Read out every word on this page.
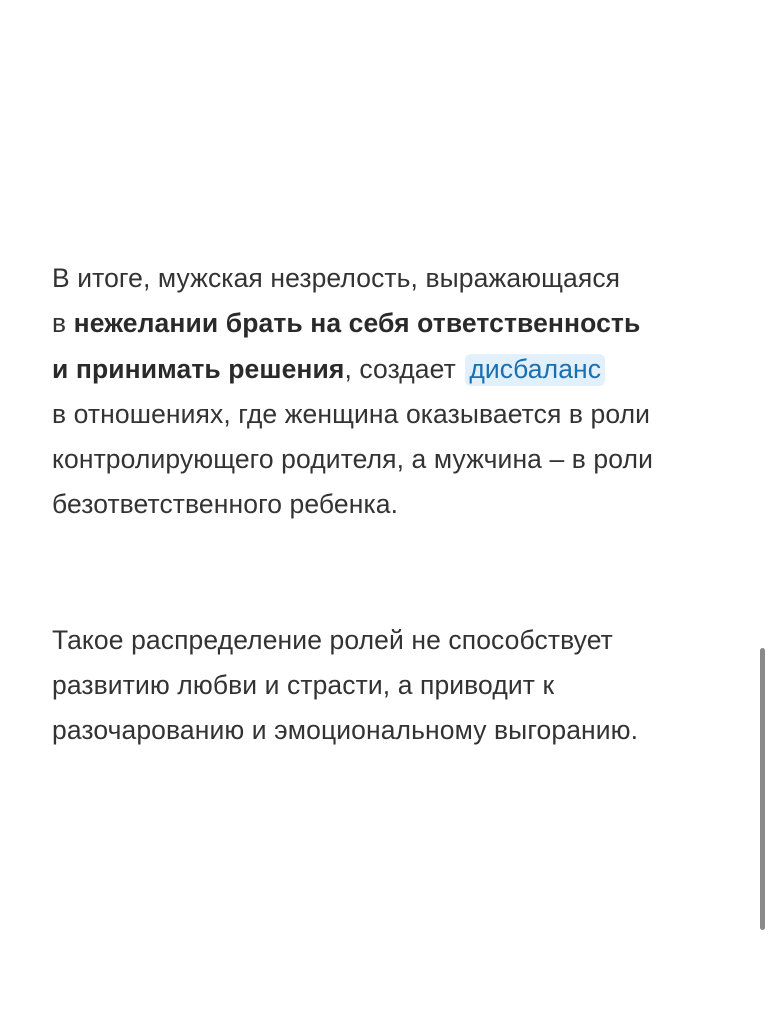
В итоге, мужская незрелость, выражающаяся
в нежелании брать на себя ответственность
и принимать решения, создает дисбаланс
в отношениях, где женщина оказывается в роли
контролирующего родителя, а мужчина – в роли
безответственного ребенка.

Такое распределение ролей не способствует
развитию любви и страсти, а приводит к
разочарованию и эмоциональному выгоранию.
